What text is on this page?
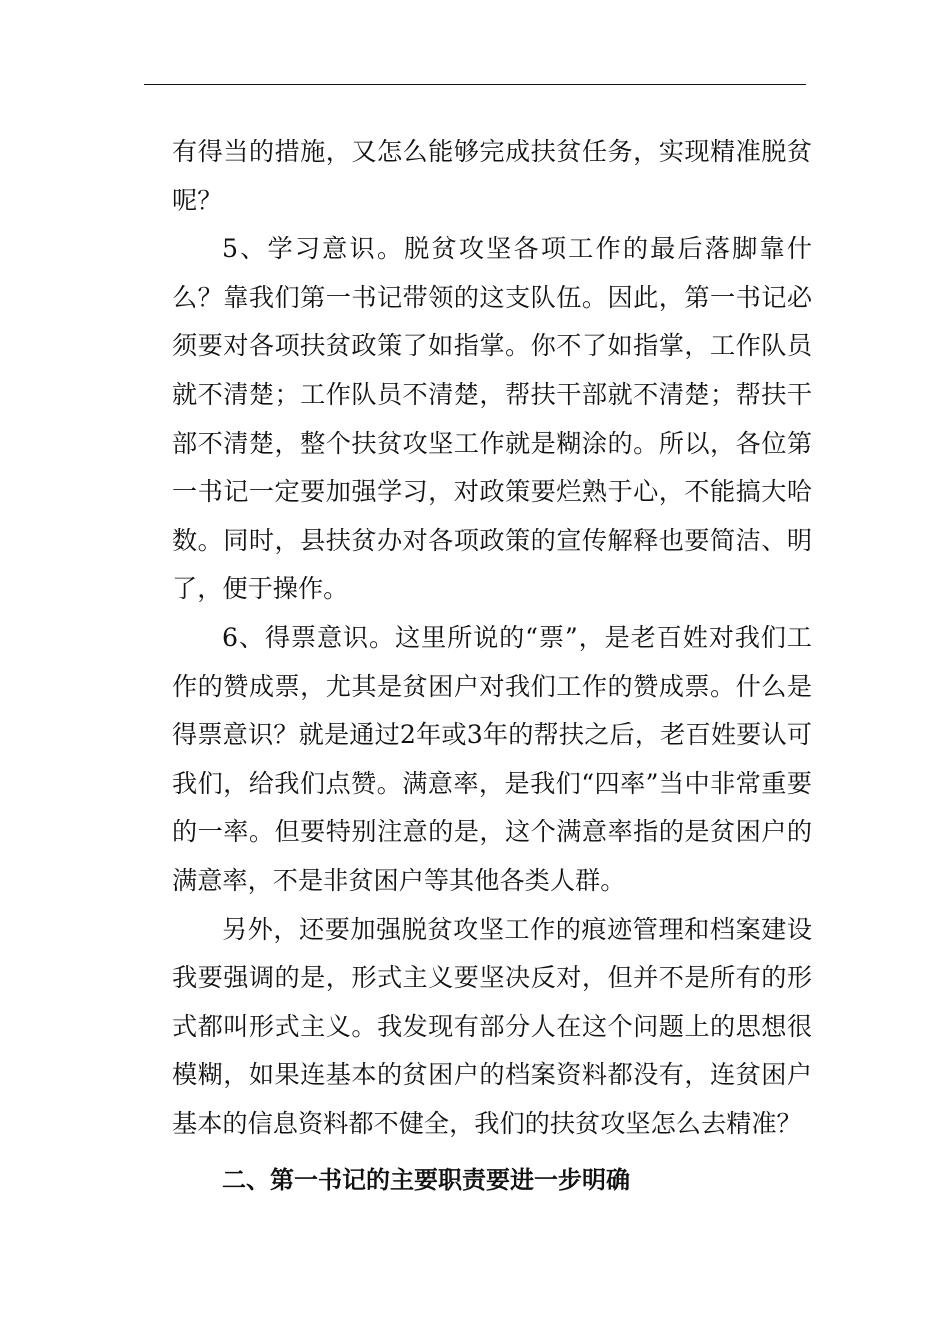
有得当的措施，又怎么能够完成扶贫任务，实现精准脱贫呢？

5、学习意识。脱贫攻坚各项工作的最后落脚靠什么？靠我们第一书记带领的这支队伍。因此，第一书记必须要对各项扶贫政策了如指掌。你不了如指掌，工作队员就不清楚；工作队员不清楚，帮扶干部就不清楚；帮扶干部不清楚，整个扶贫攻坚工作就是糊涂的。所以，各位第一书记一定要加强学习，对政策要烂熟于心，不能搞大哈数。同时，县扶贫办对各项政策的宣传解释也要简洁、明了，便于操作。

6、得票意识。这里所说的“票”，是老百姓对我们工作的赞成票，尤其是贫困户对我们工作的赞成票。什么是得票意识？就是通过2年或3年的帮扶之后，老百姓要认可我们，给我们点赞。满意率，是我们“四率”当中非常重要的一率。但要特别注意的是，这个满意率指的是贫困户的满意率，不是非贫困户等其他各类人群。

另外，还要加强脱贫攻坚工作的痕迹管理和档案建设我要强调的是，形式主义要坚决反对，但并不是所有的形式都叫形式主义。我发现有部分人在这个问题上的思想很模糊，如果连基本的贫困户的档案资料都没有，连贫困户基本的信息资料都不健全，我们的扶贫攻坚怎么去精准？

二、第一书记的主要职责要进一步明确
